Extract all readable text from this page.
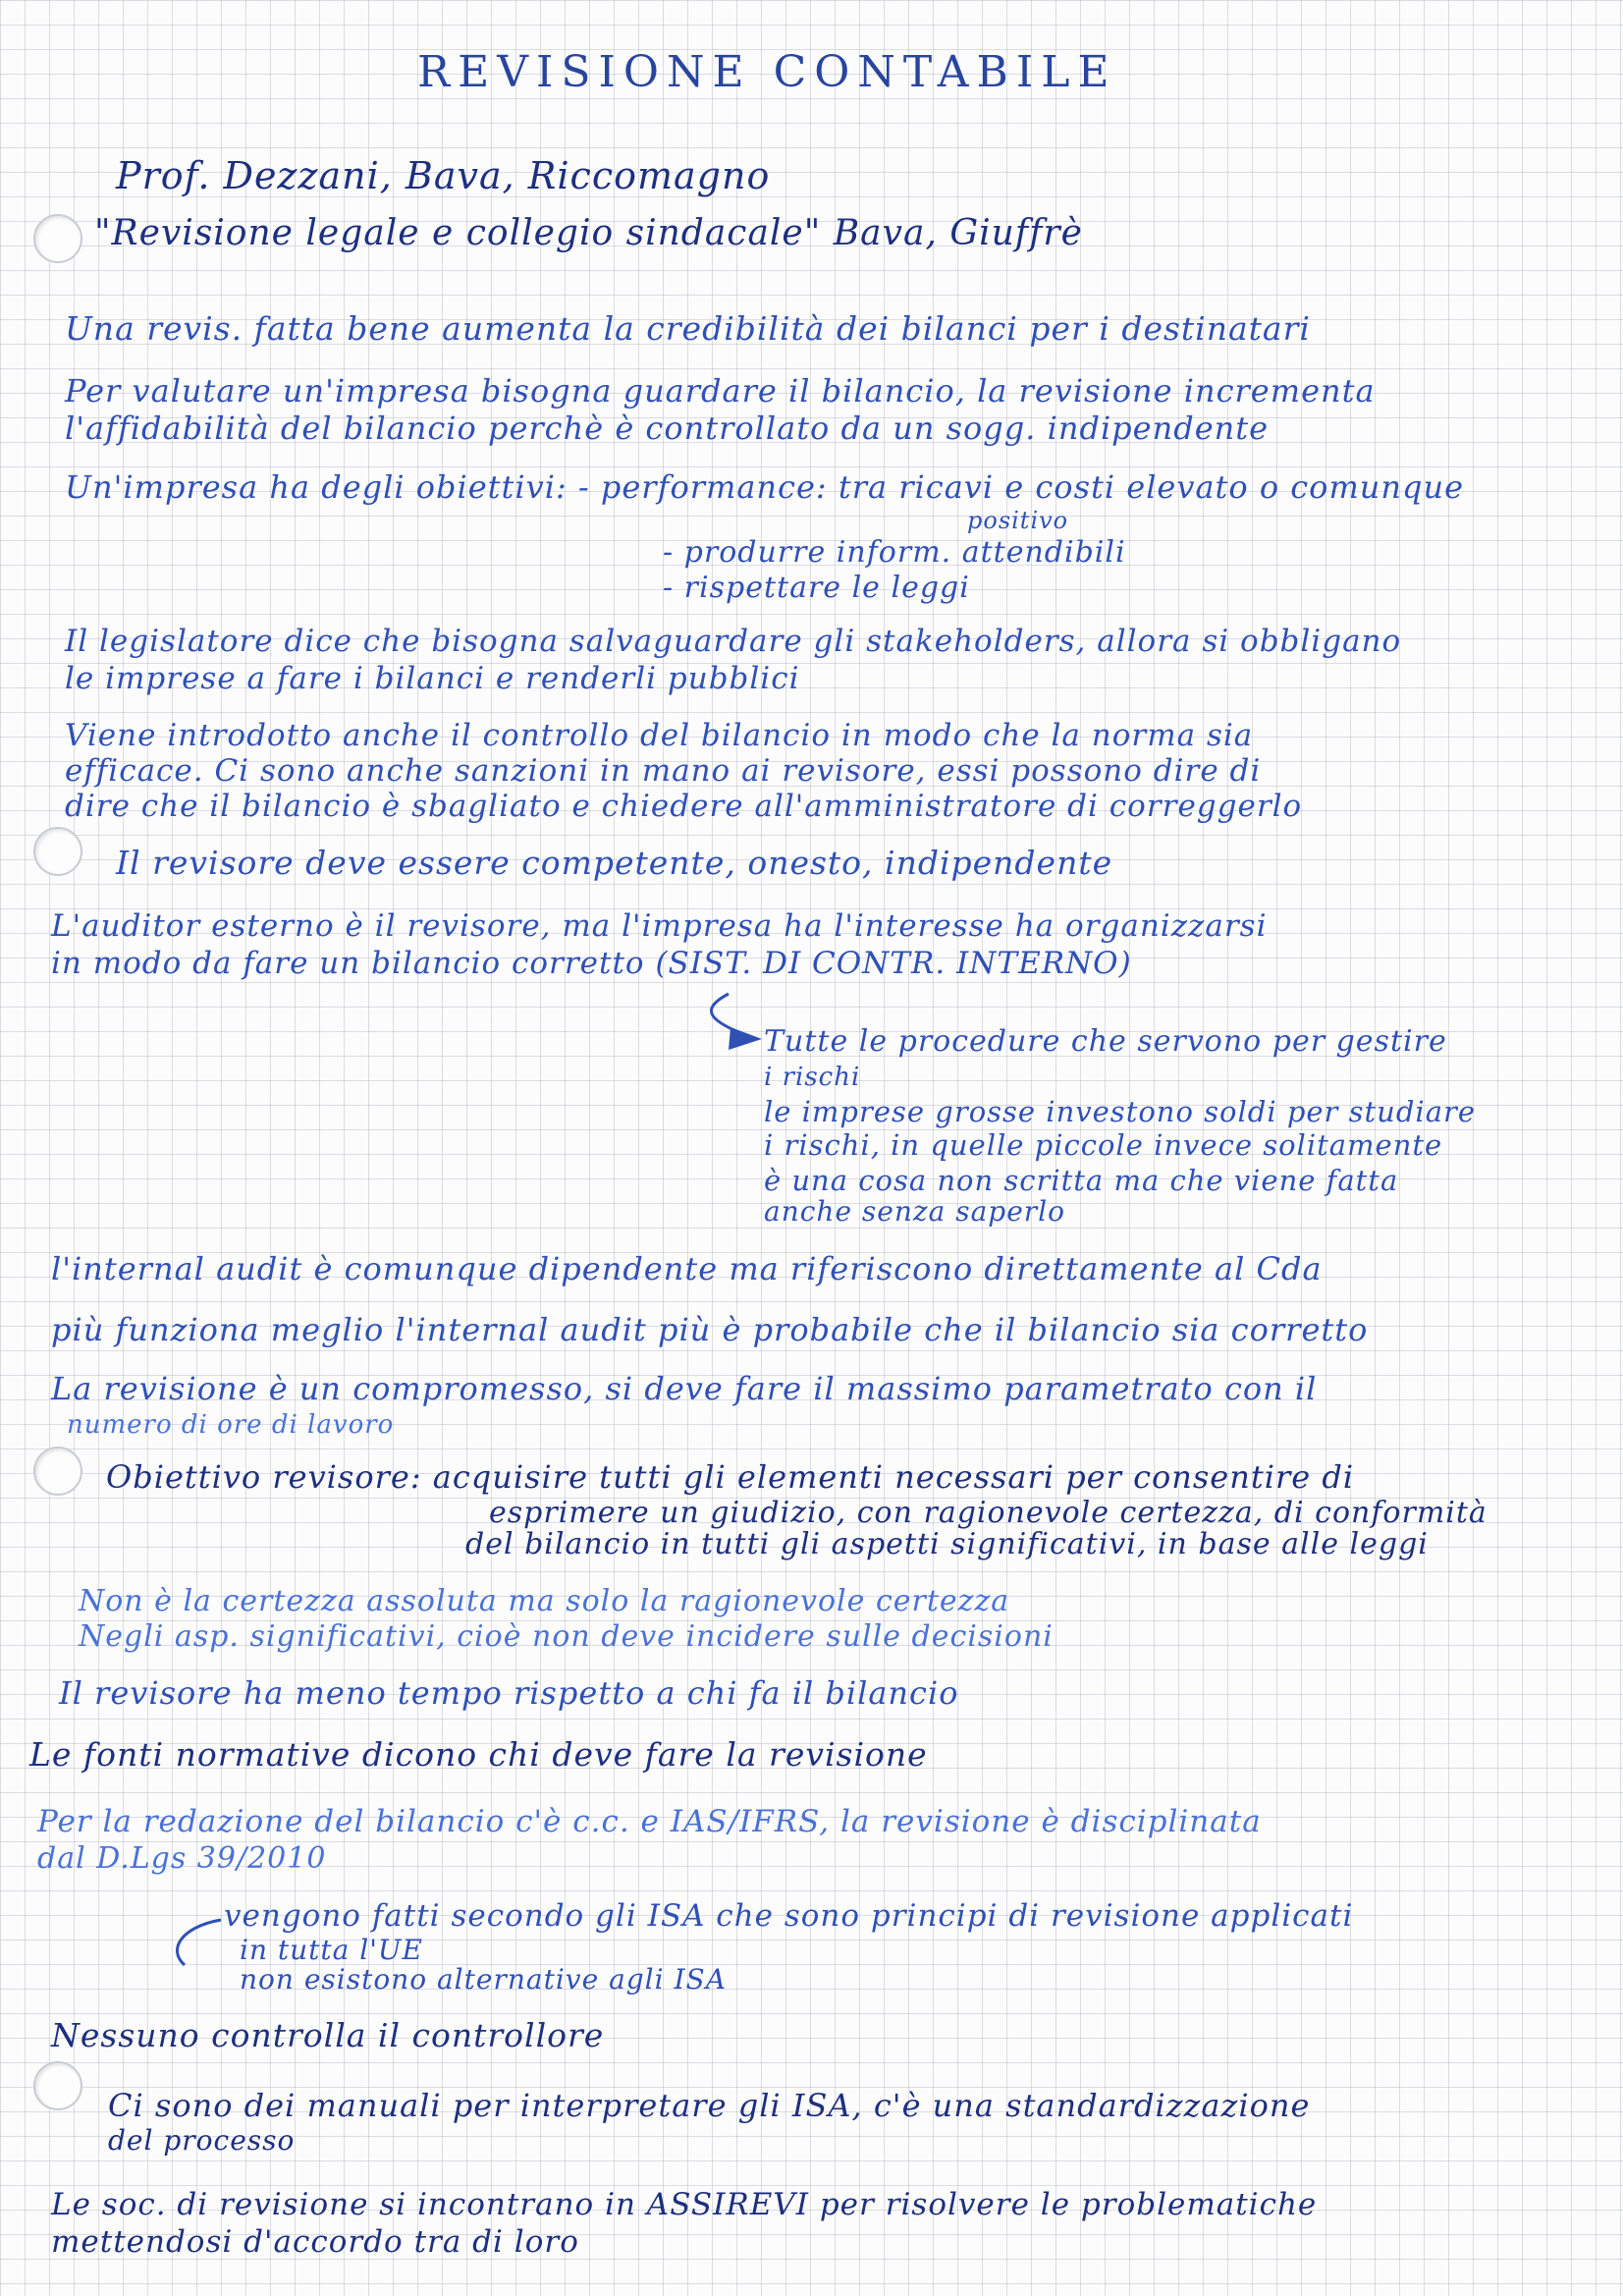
REVISIONE CONTABILE
Prof. Dezzani, Bava, Riccomagno
"Revisione legale e collegio sindacale" Bava, Giuffrè
Una revis. fatta bene aumenta la credibilità dei bilanci per i destinatari
Per valutare un'impresa bisogna guardare il bilancio, la revisione incrementa
l'affidabilità del bilancio perchè è controllato da un sogg. indipendente
Un'impresa ha degli obiettivi: - performance: tra ricavi e costi elevato o comunque
positivo
- produrre inform. attendibili
- rispettare le leggi
Il legislatore dice che bisogna salvaguardare gli stakeholders, allora si obbligano
le imprese a fare i bilanci e renderli pubblici
Viene introdotto anche il controllo del bilancio in modo che la norma sia
efficace. Ci sono anche sanzioni in mano ai revisore, essi possono dire di
dire che il bilancio è sbagliato e chiedere all'amministratore di correggerlo
Il revisore deve essere competente, onesto, indipendente
L'auditor esterno è il revisore, ma l'impresa ha l'interesse ha organizzarsi
in modo da fare un bilancio corretto (SIST. DI CONTR. INTERNO)
Tutte le procedure che servono per gestire
i rischi
le imprese grosse investono soldi per studiare
i rischi, in quelle piccole invece solitamente
è una cosa non scritta ma che viene fatta
anche senza saperlo
l'internal audit è comunque dipendente ma riferiscono direttamente al Cda
più funziona meglio l'internal audit più è probabile che il bilancio sia corretto
La revisione è un compromesso, si deve fare il massimo parametrato con il
numero di ore di lavoro
Obiettivo revisore: acquisire tutti gli elementi necessari per consentire di
esprimere un giudizio, con ragionevole certezza, di conformità
del bilancio in tutti gli aspetti significativi, in base alle leggi
Non è la certezza assoluta ma solo la ragionevole certezza
Negli asp. significativi, cioè non deve incidere sulle decisioni
Il revisore ha meno tempo rispetto a chi fa il bilancio
Le fonti normative dicono chi deve fare la revisione
Per la redazione del bilancio c'è c.c. e IAS/IFRS, la revisione è disciplinata
dal D.Lgs 39/2010
vengono fatti secondo gli ISA che sono principi di revisione applicati
in tutta l'UE
non esistono alternative agli ISA
Nessuno controlla il controllore
Ci sono dei manuali per interpretare gli ISA, c'è una standardizzazione
del processo
Le soc. di revisione si incontrano in ASSIREVI per risolvere le problematiche
mettendosi d'accordo tra di loro
